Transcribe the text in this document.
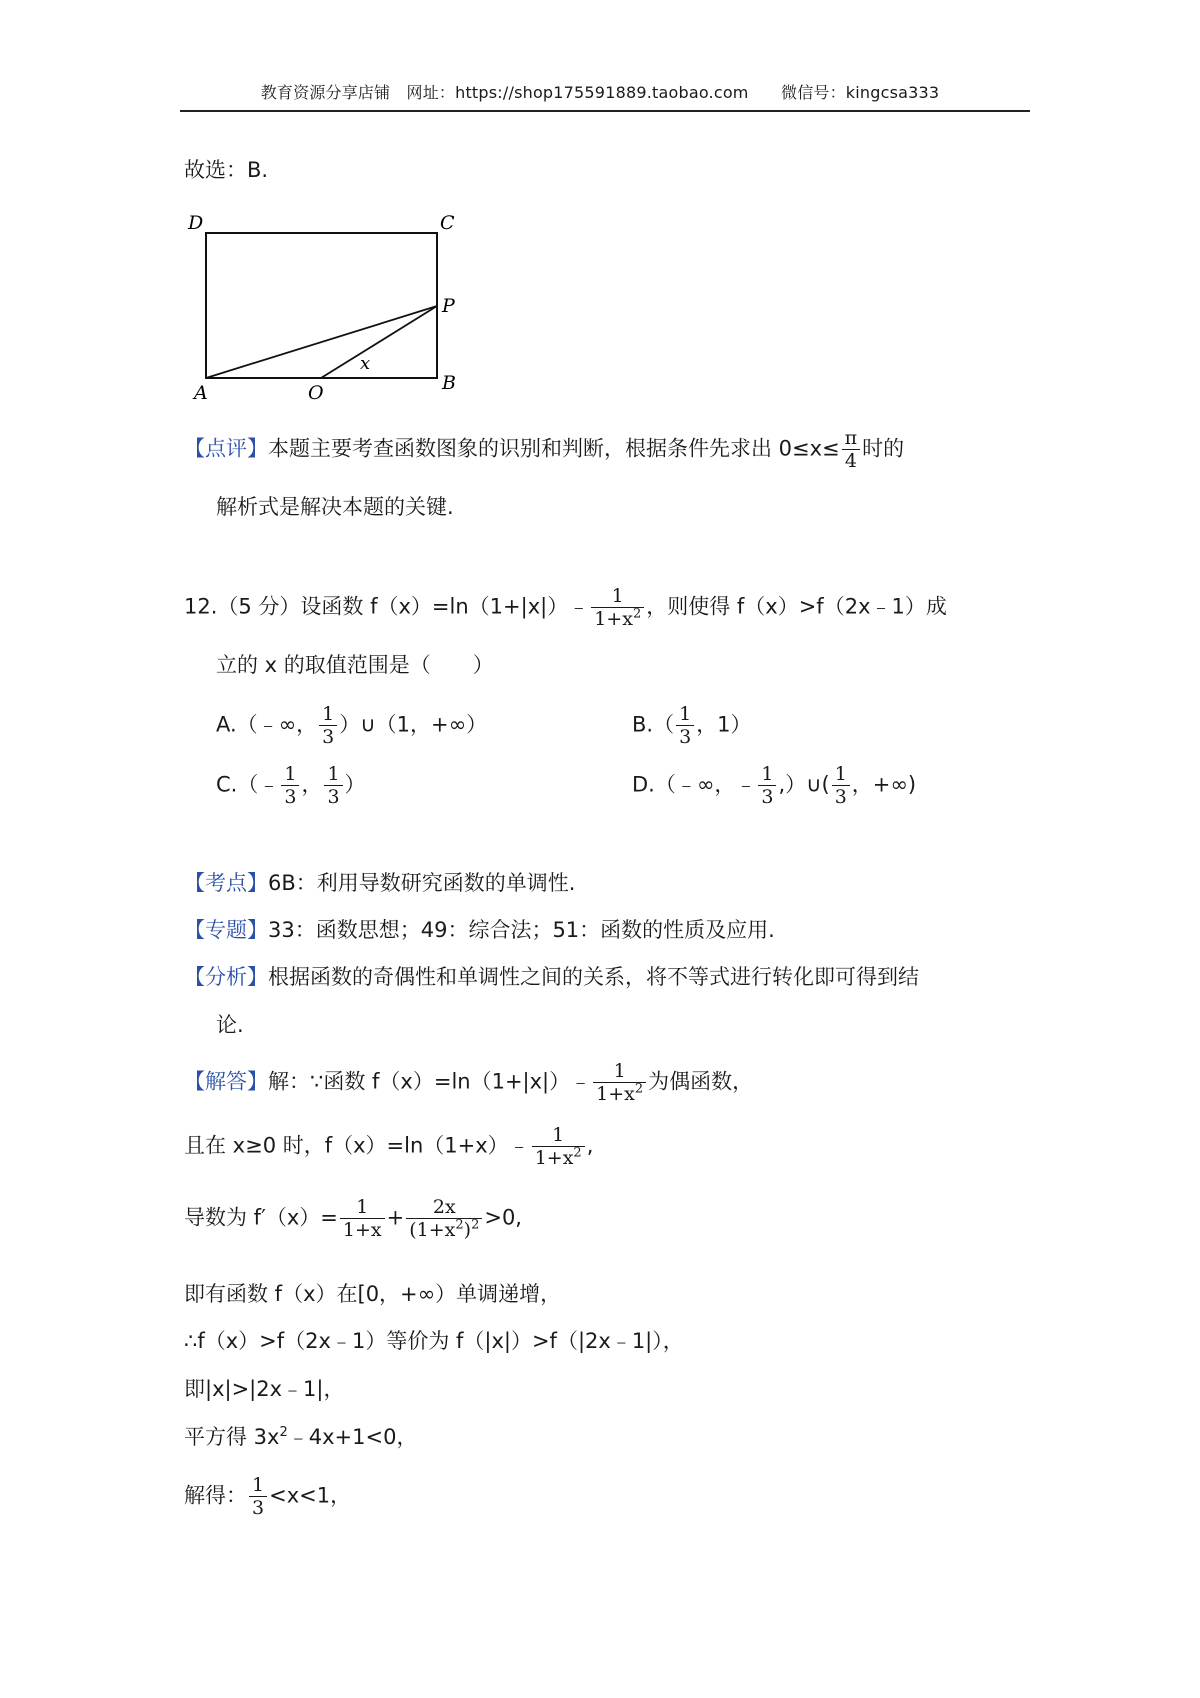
教育资源分享店铺　网址：https://shop175591889.taobao.com　　微信号：kingcsa333
故选：B.
D	C
P
A	O	B
x
【点评】本题主要考查函数图象的识别和判断，根据条件先求出 $0\le x\le \frac{\pi}{4}$ 时的
解析式是解决本题的关键.
12.（5 分）设函数 f（x）=ln（1+|x|）﹣ $\frac{1}{1+x^2}$ ，则使得 f（x）>f（2x﹣1）成
立的 x 的取值范围是（　　）
A.（﹣∞， $\frac{1}{3}$ ）∪（1，+∞）	$B.( \frac{1}{3}$ ，1）
C.（﹣ $\frac{1}{3}$ ， $\frac{1}{3}$ ）	D.（﹣∞，﹣ $\frac{1}{3}$ ,）∪( $\frac{1}{3}$ ，+∞)
【考点】6B：利用导数研究函数的单调性.
【专题】33：函数思想；49：综合法；51：函数的性质及应用.
【分析】根据函数的奇偶性和单调性之间的关系，将不等式进行转化即可得到结
论.
【解答】解：∵函数 f（x）=ln（1+|x|）﹣ $\frac{1}{1+x^2}$ 为偶函数，
且在 x≥0 时，f（x）=ln（1+x）﹣ $\frac{1}{1+x^2}$ ,
导数为 $f'(x)= \frac{1}{1+x} + \frac{2x}{(1+x^2)^2} >0$,
即有函数 f（x）在[0，+∞）单调递增，
∴f（x）>f（2x﹣1）等价为 f（|x|）>f（|2x﹣1|），
即|x|>|2x﹣1|，
平方得 $3x^2﹣4x+1<0$，
解得： $\frac{1}{3} <x<1$，
